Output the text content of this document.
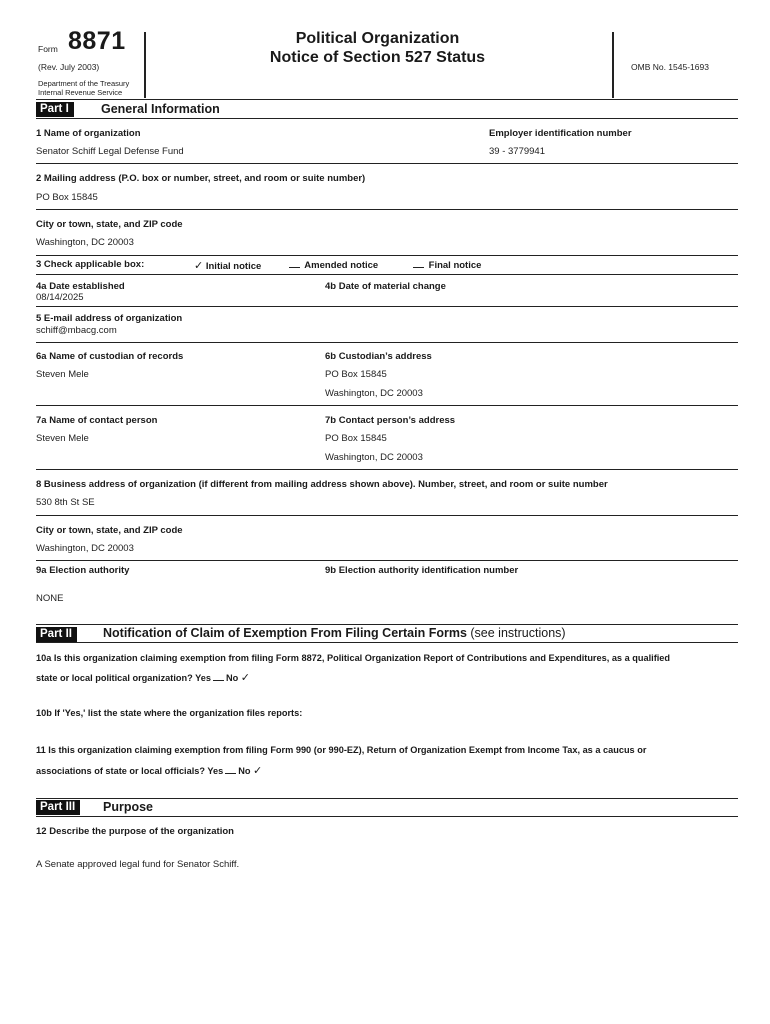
Form 8871
(Rev. July 2003)
Department of the Treasury
Internal Revenue Service
Political Organization
Notice of Section 527 Status
OMB No. 1545-1693
Part I	General Information
1 Name of organization
Senator Schiff Legal Defense Fund
Employer identification number
39 - 3779941
2 Mailing address (P.O. box or number, street, and room or suite number)
PO Box 15845
City or town, state, and ZIP code
Washington, DC 20003
3 Check applicable box:	✓ Initial notice	Amended notice	Final notice
4a Date established
08/14/2025
4b Date of material change
5 E-mail address of organization
schiff@mbacg.com
6a Name of custodian of records
Steven Mele
6b Custodian’s address
PO Box 15845
Washington, DC 20003
7a Name of contact person
Steven Mele
7b Contact person’s address
PO Box 15845
Washington, DC 20003
8 Business address of organization (if different from mailing address shown above). Number, street, and room or suite number
530 8th St SE
City or town, state, and ZIP code
Washington, DC 20003
9a Election authority
NONE
9b Election authority identification number
Part II	Notification of Claim of Exemption From Filing Certain Forms (see instructions)
10a Is this organization claiming exemption from filing Form 8872, Political Organization Report of Contributions and Expenditures, as a qualified
state or local political organization? Yes No ✓
10b If 'Yes,' list the state where the organization files reports:
11 Is this organization claiming exemption from filing Form 990 (or 990-EZ), Return of Organization Exempt from Income Tax, as a caucus or
associations of state or local officials? Yes No ✓
Part III	Purpose
12 Describe the purpose of the organization
A Senate approved legal fund for Senator Schiff.
